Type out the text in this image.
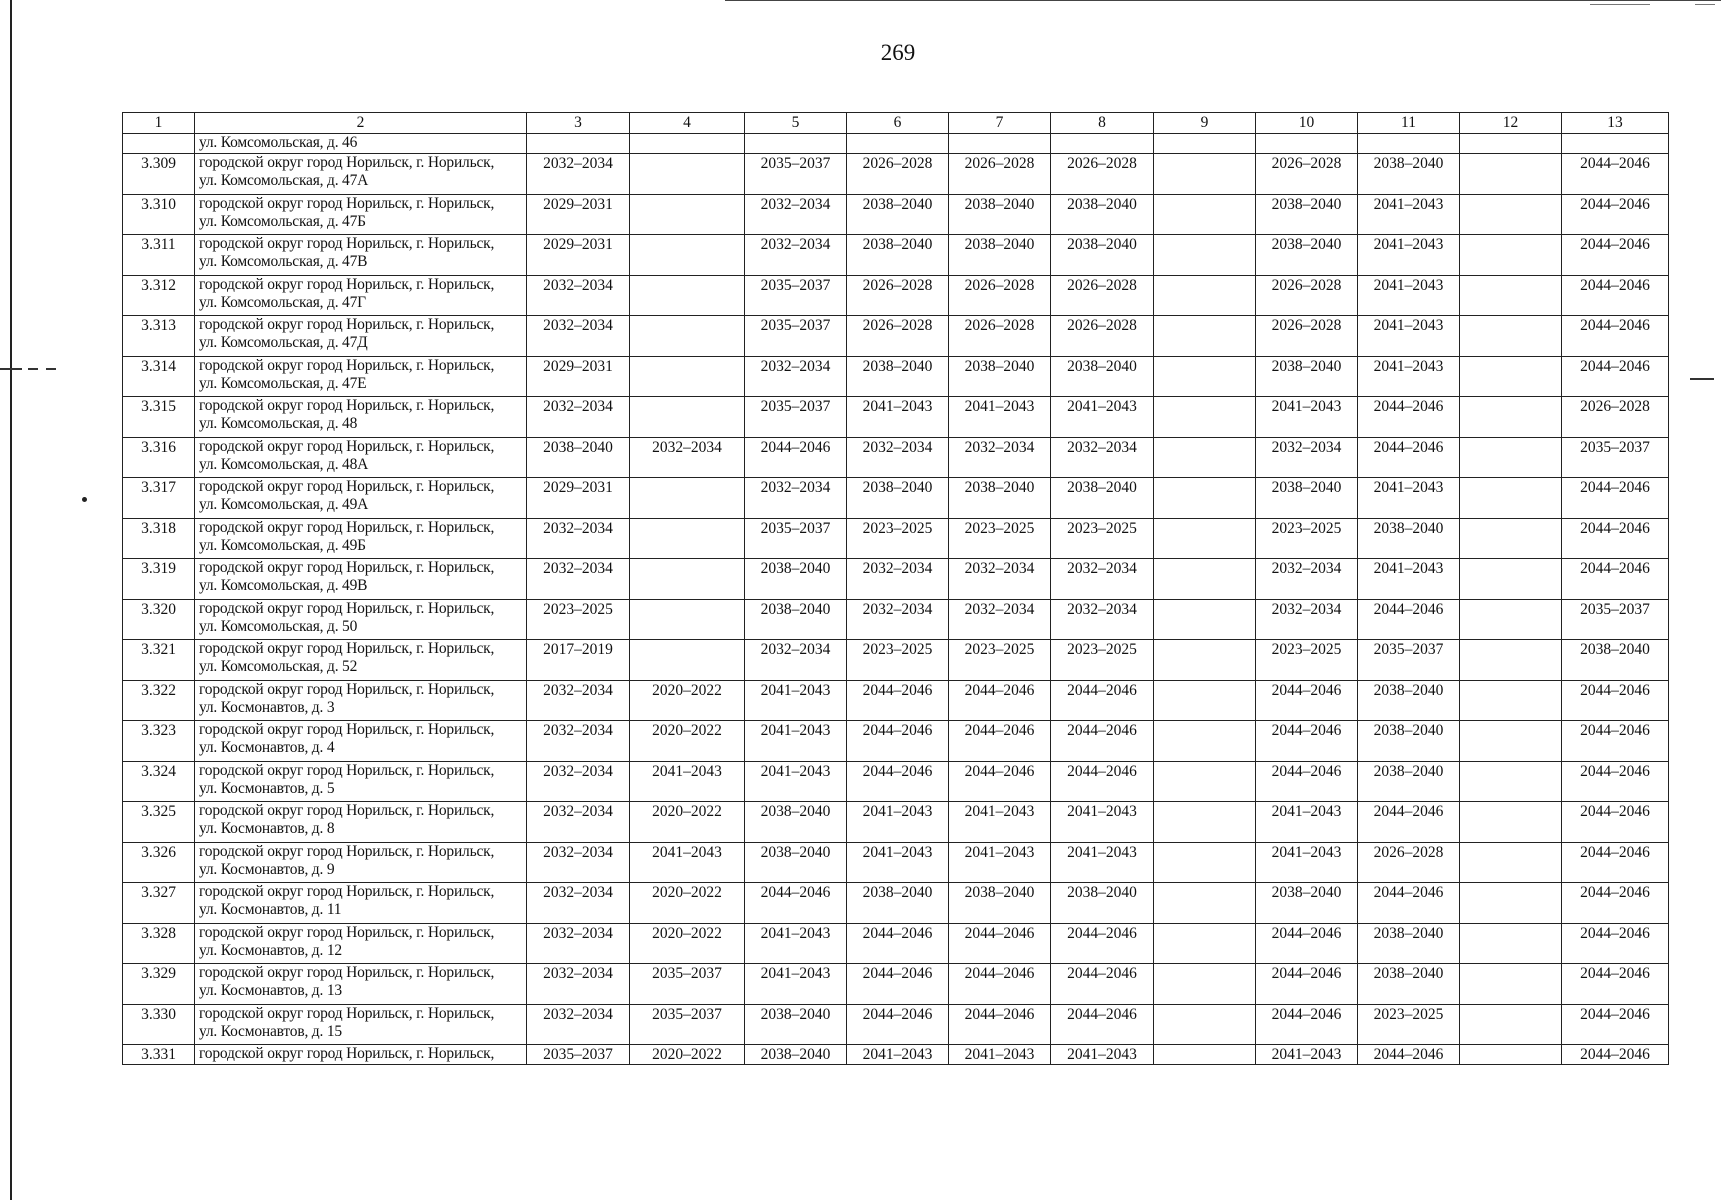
269
1	2	3	4	5	6	7	8	9	10	11	12	13
	ул. Комсомольская, д. 46											
3.309	городской округ город Норильск, г. Норильск,
ул. Комсомольская, д. 47А	2032–2034		2035–2037	2026–2028	2026–2028	2026–2028		2026–2028	2038–2040		2044–2046
3.310	городской округ город Норильск, г. Норильск,
ул. Комсомольская, д. 47Б	2029–2031		2032–2034	2038–2040	2038–2040	2038–2040		2038–2040	2041–2043		2044–2046
3.311	городской округ город Норильск, г. Норильск,
ул. Комсомольская, д. 47В	2029–2031		2032–2034	2038–2040	2038–2040	2038–2040		2038–2040	2041–2043		2044–2046
3.312	городской округ город Норильск, г. Норильск,
ул. Комсомольская, д. 47Г	2032–2034		2035–2037	2026–2028	2026–2028	2026–2028		2026–2028	2041–2043		2044–2046
3.313	городской округ город Норильск, г. Норильск,
ул. Комсомольская, д. 47Д	2032–2034		2035–2037	2026–2028	2026–2028	2026–2028		2026–2028	2041–2043		2044–2046
3.314	городской округ город Норильск, г. Норильск,
ул. Комсомольская, д. 47Е	2029–2031		2032–2034	2038–2040	2038–2040	2038–2040		2038–2040	2041–2043		2044–2046
3.315	городской округ город Норильск, г. Норильск,
ул. Комсомольская, д. 48	2032–2034		2035–2037	2041–2043	2041–2043	2041–2043		2041–2043	2044–2046		2026–2028
3.316	городской округ город Норильск, г. Норильск,
ул. Комсомольская, д. 48А	2038–2040	2032–2034	2044–2046	2032–2034	2032–2034	2032–2034		2032–2034	2044–2046		2035–2037
3.317	городской округ город Норильск, г. Норильск,
ул. Комсомольская, д. 49А	2029–2031		2032–2034	2038–2040	2038–2040	2038–2040		2038–2040	2041–2043		2044–2046
3.318	городской округ город Норильск, г. Норильск,
ул. Комсомольская, д. 49Б	2032–2034		2035–2037	2023–2025	2023–2025	2023–2025		2023–2025	2038–2040		2044–2046
3.319	городской округ город Норильск, г. Норильск,
ул. Комсомольская, д. 49В	2032–2034		2038–2040	2032–2034	2032–2034	2032–2034		2032–2034	2041–2043		2044–2046
3.320	городской округ город Норильск, г. Норильск,
ул. Комсомольская, д. 50	2023–2025		2038–2040	2032–2034	2032–2034	2032–2034		2032–2034	2044–2046		2035–2037
3.321	городской округ город Норильск, г. Норильск,
ул. Комсомольская, д. 52	2017–2019		2032–2034	2023–2025	2023–2025	2023–2025		2023–2025	2035–2037		2038–2040
3.322	городской округ город Норильск, г. Норильск,
ул. Космонавтов, д. 3	2032–2034	2020–2022	2041–2043	2044–2046	2044–2046	2044–2046		2044–2046	2038–2040		2044–2046
3.323	городской округ город Норильск, г. Норильск,
ул. Космонавтов, д. 4	2032–2034	2020–2022	2041–2043	2044–2046	2044–2046	2044–2046		2044–2046	2038–2040		2044–2046
3.324	городской округ город Норильск, г. Норильск,
ул. Космонавтов, д. 5	2032–2034	2041–2043	2041–2043	2044–2046	2044–2046	2044–2046		2044–2046	2038–2040		2044–2046
3.325	городской округ город Норильск, г. Норильск,
ул. Космонавтов, д. 8	2032–2034	2020–2022	2038–2040	2041–2043	2041–2043	2041–2043		2041–2043	2044–2046		2044–2046
3.326	городской округ город Норильск, г. Норильск,
ул. Космонавтов, д. 9	2032–2034	2041–2043	2038–2040	2041–2043	2041–2043	2041–2043		2041–2043	2026–2028		2044–2046
3.327	городской округ город Норильск, г. Норильск,
ул. Космонавтов, д. 11	2032–2034	2020–2022	2044–2046	2038–2040	2038–2040	2038–2040		2038–2040	2044–2046		2044–2046
3.328	городской округ город Норильск, г. Норильск,
ул. Космонавтов, д. 12	2032–2034	2020–2022	2041–2043	2044–2046	2044–2046	2044–2046		2044–2046	2038–2040		2044–2046
3.329	городской округ город Норильск, г. Норильск,
ул. Космонавтов, д. 13	2032–2034	2035–2037	2041–2043	2044–2046	2044–2046	2044–2046		2044–2046	2038–2040		2044–2046
3.330	городской округ город Норильск, г. Норильск,
ул. Космонавтов, д. 15	2032–2034	2035–2037	2038–2040	2044–2046	2044–2046	2044–2046		2044–2046	2023–2025		2044–2046
3.331	городской округ город Норильск, г. Норильск,	2035–2037	2020–2022	2038–2040	2041–2043	2041–2043	2041–2043		2041–2043	2044–2046		2044–2046
